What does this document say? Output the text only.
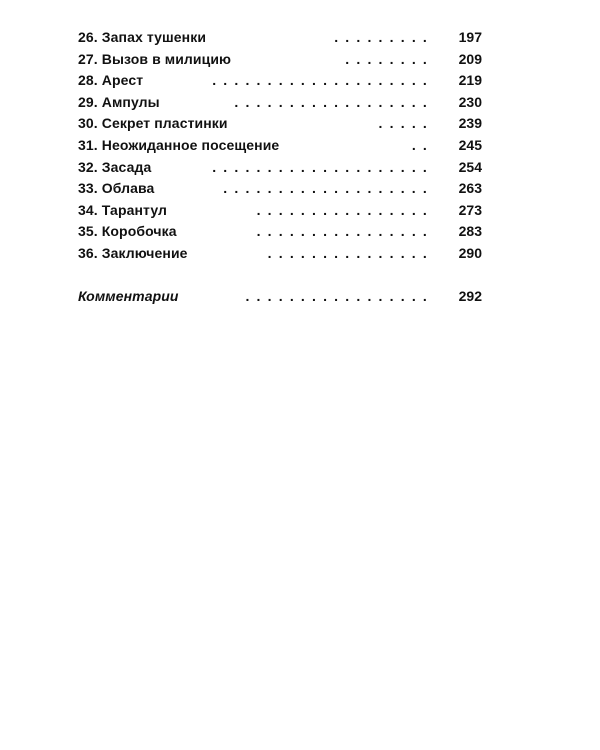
26. Запах тушенки	......... 197
27. Вызов в милицию	........ 209
28. Арест	.................... 219
29. Ампулы	.................. 230
30. Секрет пластинки	..... 239
31. Неожиданное посещение	.. 245
32. Засада	.................... 254
33. Облава	................... 263
34. Тарантул	................ 273
35. Коробочка	................ 283
36. Заключение	............... 290
Комментарии	................. 292
